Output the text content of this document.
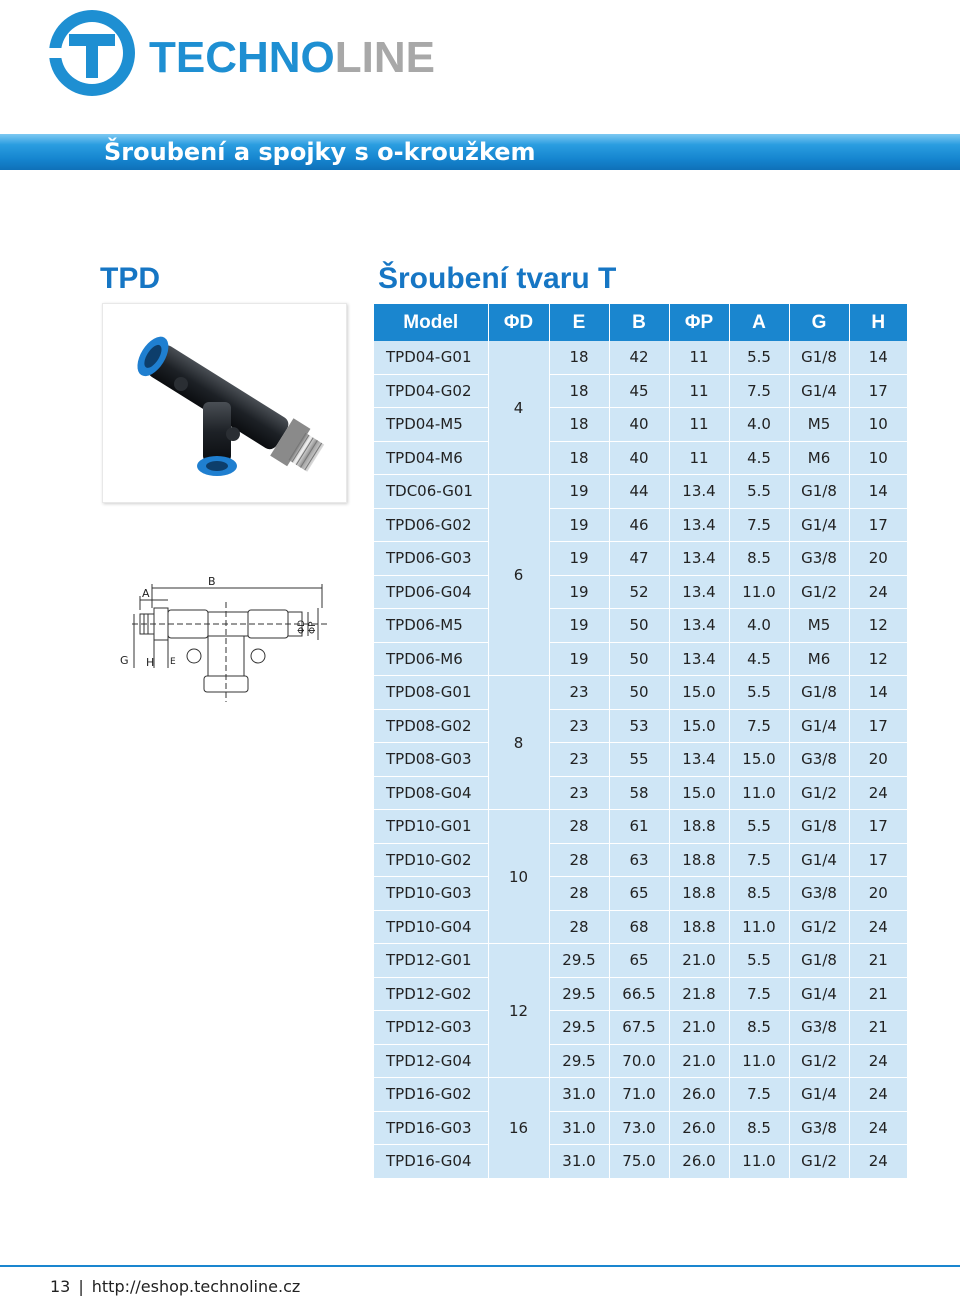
TECHNOLINE
Šroubení a spojky s o-kroužkem
TPD	Šroubení tvaru T
B
A
G H E
ΦD ΦP
Model	ΦD	E	B	ΦP	A	G	H
TPD04-G01	4	18	42	11	5.5	G1/8	14
TPD04-G02		18	45	11	7.5	G1/4	17
TPD04-M5		18	40	11	4.0	M5	10
TPD04-M6		18	40	11	4.5	M6	10
TDC06-G01	6	19	44	13.4	5.5	G1/8	14
TPD06-G02		19	46	13.4	7.5	G1/4	17
TPD06-G03		19	47	13.4	8.5	G3/8	20
TPD06-G04		19	52	13.4	11.0	G1/2	24
TPD06-M5		19	50	13.4	4.0	M5	12
TPD06-M6		19	50	13.4	4.5	M6	12
TPD08-G01	8	23	50	15.0	5.5	G1/8	14
TPD08-G02		23	53	15.0	7.5	G1/4	17
TPD08-G03		23	55	13.4	15.0	G3/8	20
TPD08-G04		23	58	15.0	11.0	G1/2	24
TPD10-G01	10	28	61	18.8	5.5	G1/8	17
TPD10-G02		28	63	18.8	7.5	G1/4	17
TPD10-G03		28	65	18.8	8.5	G3/8	20
TPD10-G04		28	68	18.8	11.0	G1/2	24
TPD12-G01	12	29.5	65	21.0	5.5	G1/8	21
TPD12-G02		29.5	66.5	21.8	7.5	G1/4	21
TPD12-G03		29.5	67.5	21.0	8.5	G3/8	21
TPD12-G04		29.5	70.0	21.0	11.0	G1/2	24
TPD16-G02	16	31.0	71.0	26.0	7.5	G1/4	24
TPD16-G03		31.0	73.0	26.0	8.5	G3/8	24
TPD16-G04		31.0	75.0	26.0	11.0	G1/2	24
13 | http://eshop.technoline.cz
